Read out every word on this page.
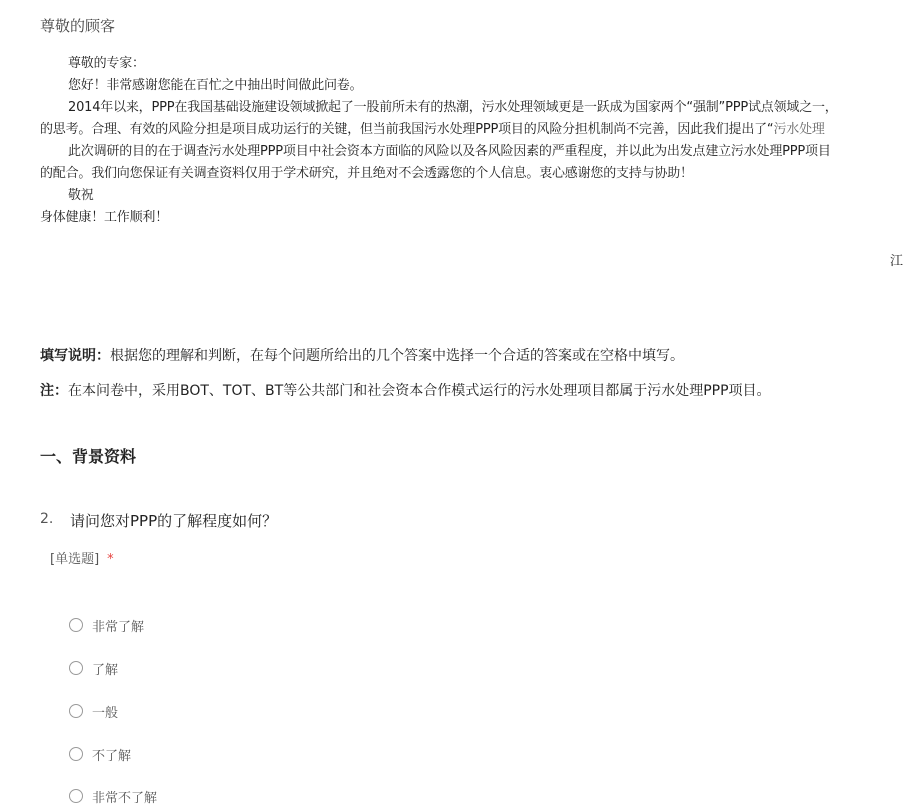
尊敬的顾客
尊敬的专家：
您好！非常感谢您能在百忙之中抽出时间做此问卷。
2014年以来，PPP在我国基础设施建设领域掀起了一股前所未有的热潮，污水处理领域更是一跃成为国家两个“强制”PPP试点领域之一，
的思考。合理、有效的风险分担是项目成功运行的关键，但当前我国污水处理PPP项目的风险分担机制尚不完善，因此我们提出了“污水处理
此次调研的目的在于调查污水处理PPP项目中社会资本方面临的风险以及各风险因素的严重程度，并以此为出发点建立污水处理PPP项目
的配合。我们向您保证有关调查资料仅用于学术研究，并且绝对不会透露您的个人信息。衷心感谢您的支持与协助！
敬祝
身体健康！工作顺利！
江
填写说明：根据您的理解和判断，在每个问题所给出的几个答案中选择一个合适的答案或在空格中填写。
注：在本问卷中，采用BOT、TOT、BT等公共部门和社会资本合作模式运行的污水处理项目都属于污水处理PPP项目。
一、背景资料
2. 请问您对PPP的了解程度如何？
[单选题] *
非常了解
了解
一般
不了解
非常不了解
